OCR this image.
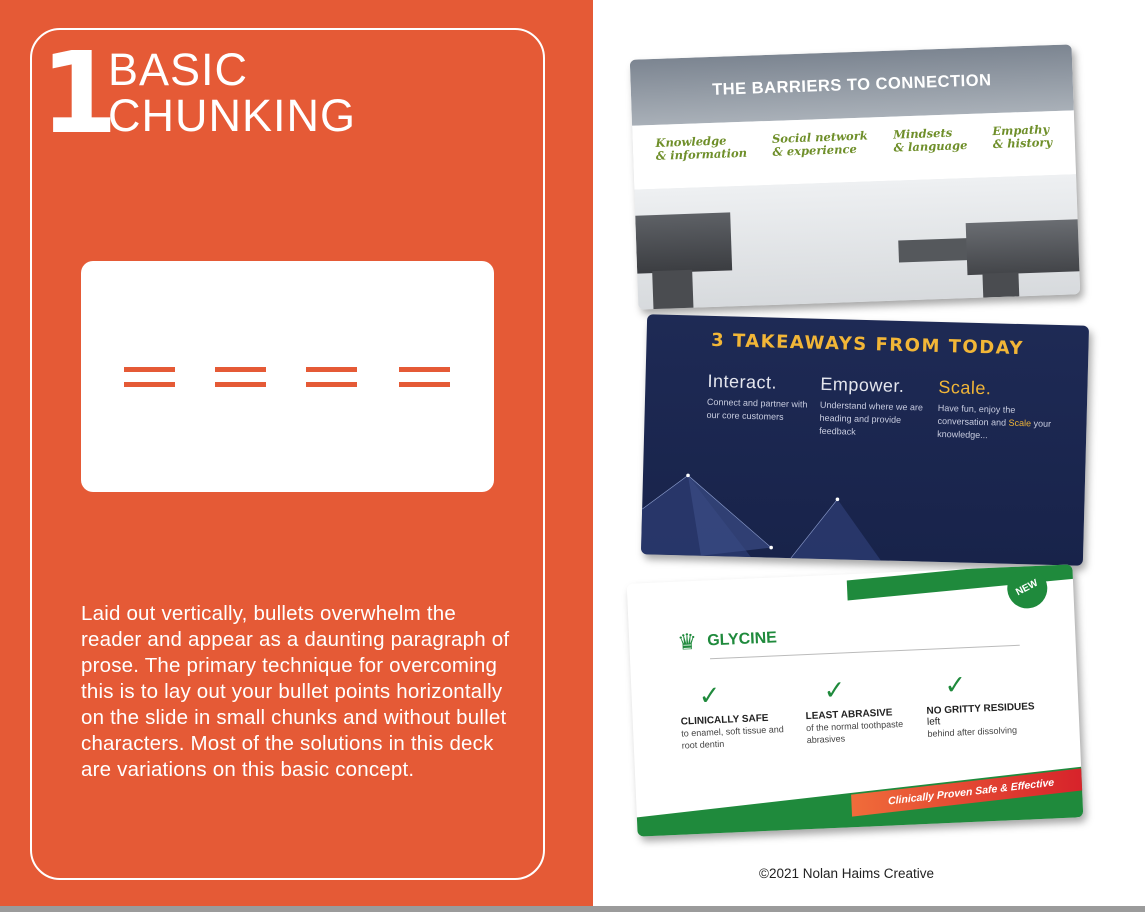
1
BASIC
CHUNKING
Laid out vertically, bullets overwhelm the reader and appear as a daunting paragraph of prose. The primary technique for overcoming this is to lay out your bullet points horizontally on the slide in small chunks and without bullet characters. Most of the solutions in this deck are variations on this basic concept.
THE BARRIERS TO CONNECTION
Knowledge
& information
Social network
& experience
Mindsets
& language
Empathy
& history
3 TAKEAWAYS FROM TODAY
Interact.
Connect and partner with our core customers
Empower.
Understand where we are heading and provide feedback
Scale.
Have fun, enjoy the conversation and Scale your knowledge...
NEW
♛ GLYCINE
✓
CLINICALLY SAFE
to enamel, soft tissue and root dentin
✓
LEAST ABRASIVE
of the normal toothpaste abrasives
✓
NO GRITTY RESIDUES left
behind after dissolving
Clinically Proven Safe & Effective
©2021 Nolan Haims Creative
